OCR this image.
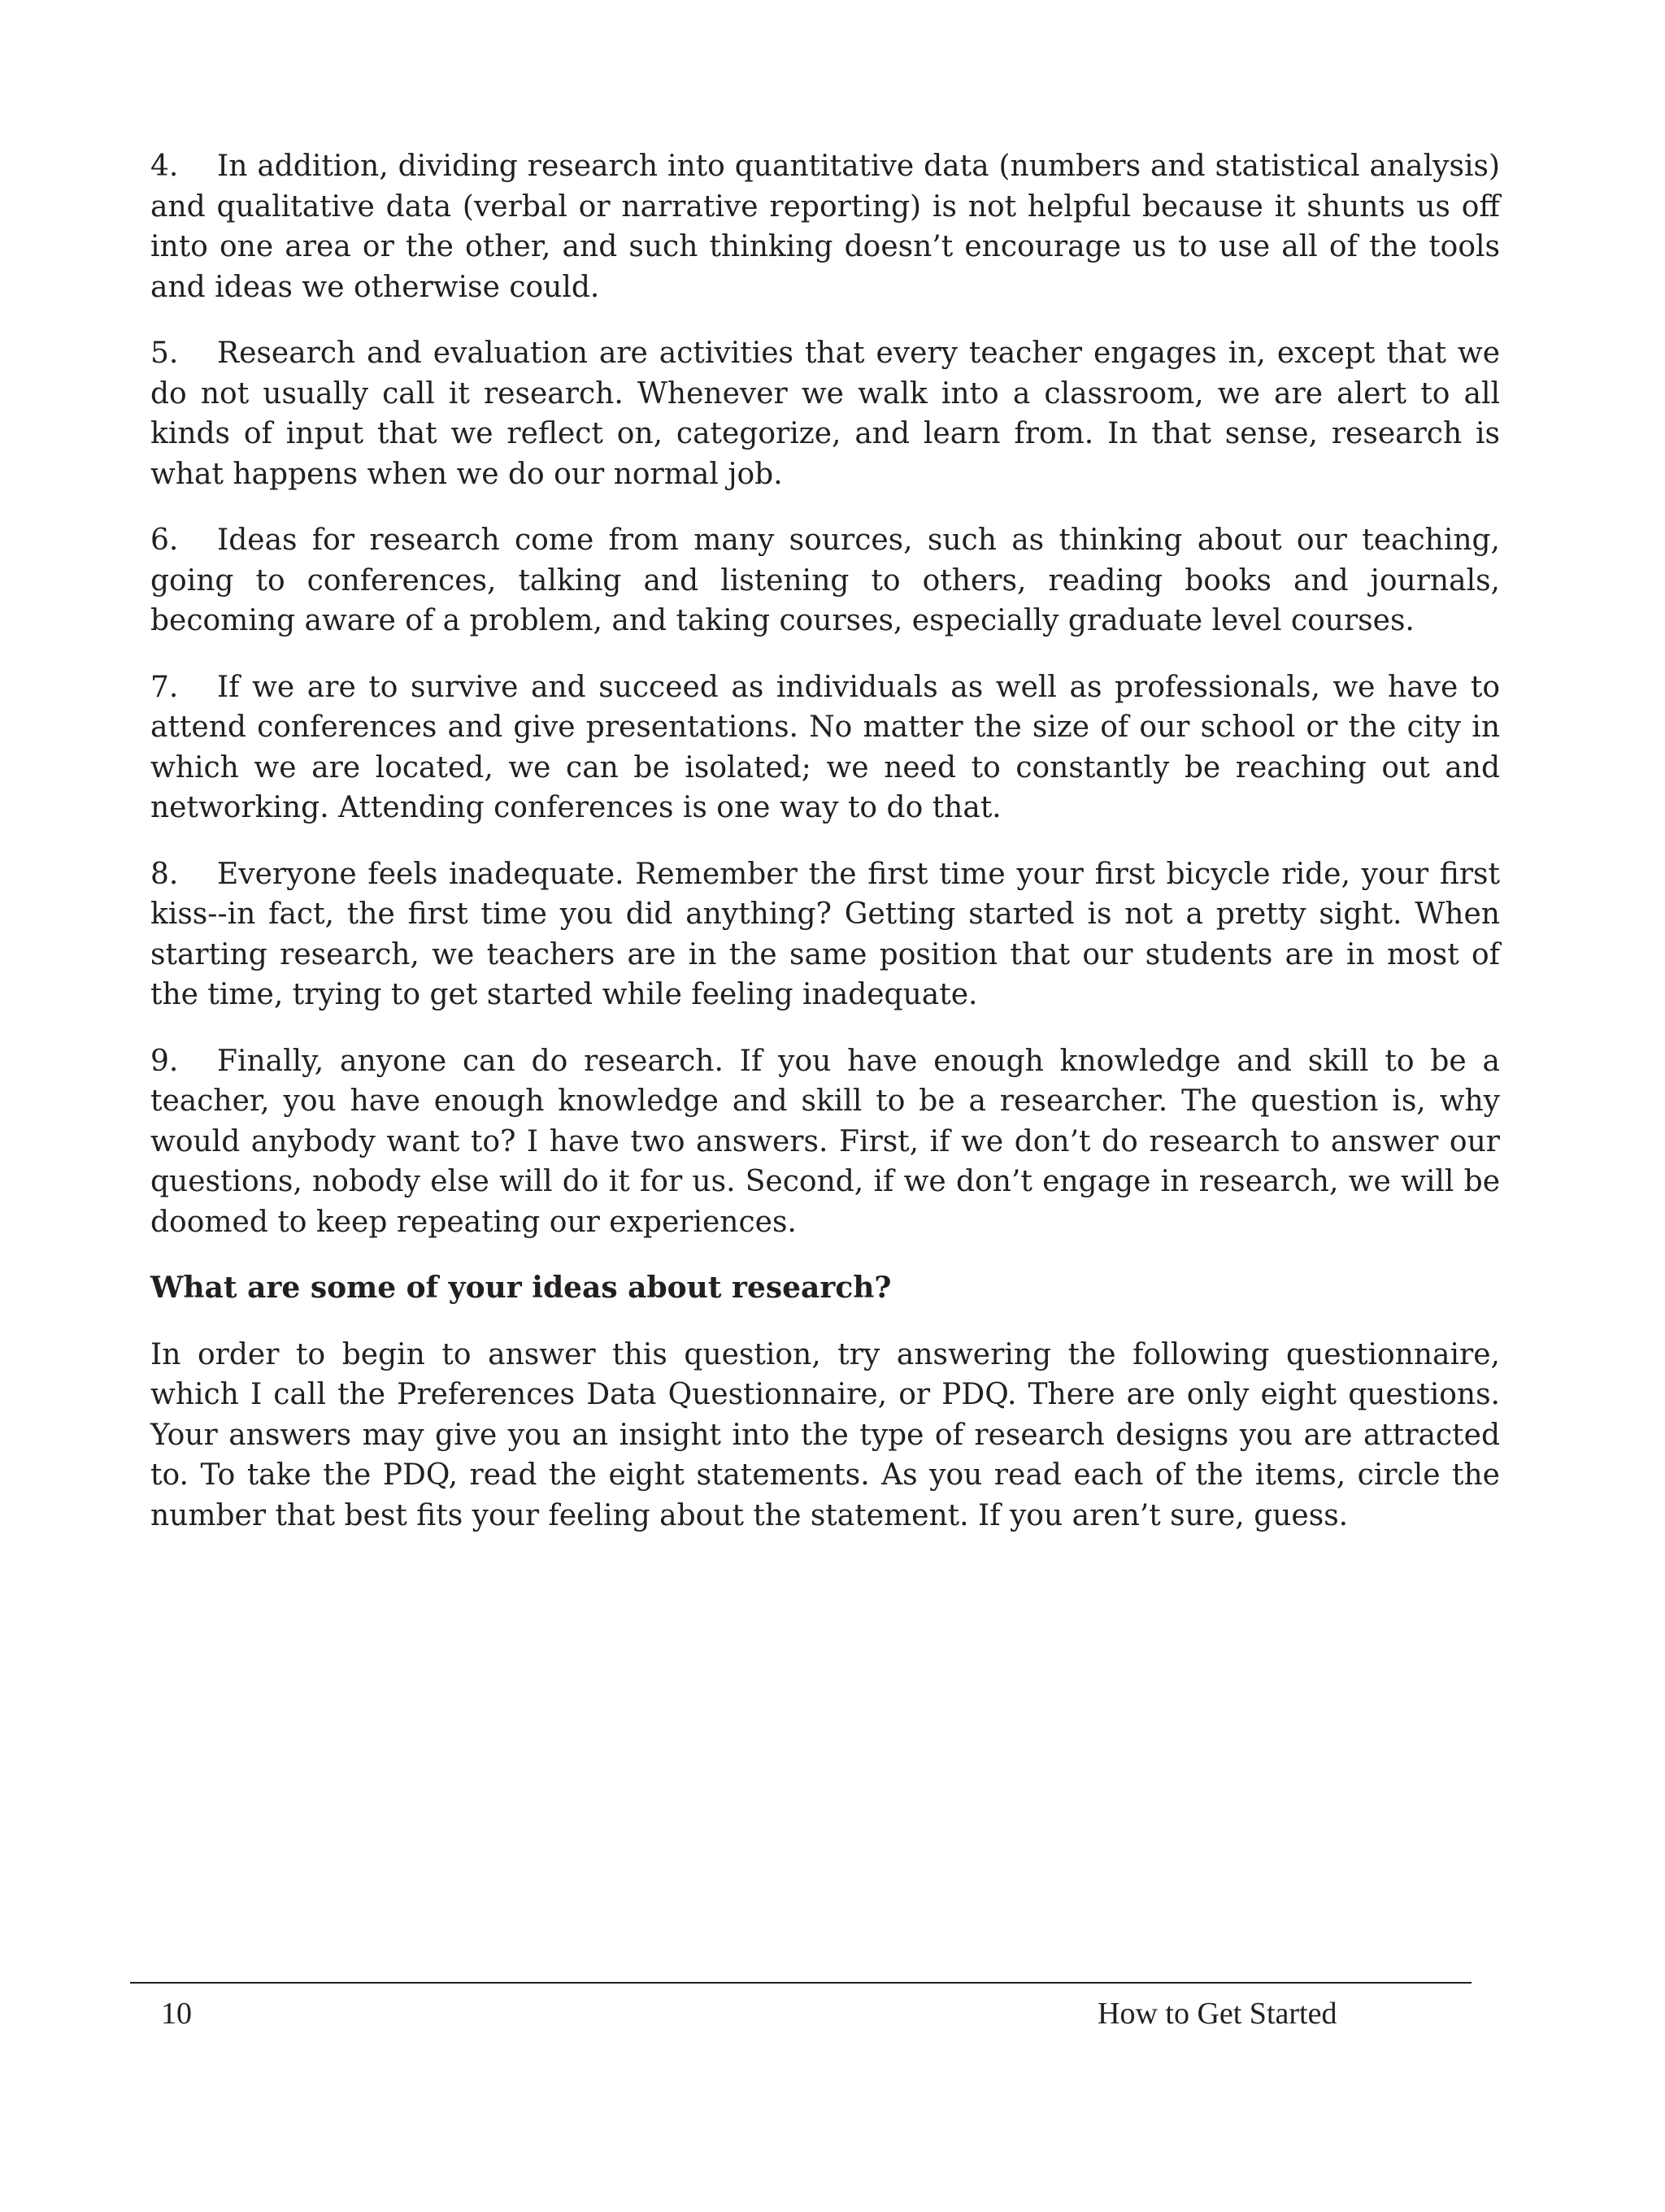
4. In addition, dividing research into quantitative data (numbers and statistical analysis) and qualitative data (verbal or narrative reporting) is not helpful because it shunts us off into one area or the other, and such thinking doesn’t encourage us to use all of the tools and ideas we otherwise could.

5. Research and evaluation are activities that every teacher engages in, except that we do not usually call it research. Whenever we walk into a classroom, we are alert to all kinds of input that we reflect on, categorize, and learn from. In that sense, research is what happens when we do our normal job.

6. Ideas for research come from many sources, such as thinking about our teaching, going to conferences, talking and listening to others, reading books and journals, becoming aware of a problem, and taking courses, especially graduate level courses.

7. If we are to survive and succeed as individuals as well as professionals, we have to attend conferences and give presentations. No matter the size of our school or the city in which we are located, we can be isolated; we need to constantly be reaching out and networking. Attending conferences is one way to do that.

8. Everyone feels inadequate. Remember the first time your first bicycle ride, your first kiss--in fact, the first time you did anything? Getting started is not a pretty sight. When starting research, we teachers are in the same position that our students are in most of the time, trying to get started while feeling inadequate.

9. Finally, anyone can do research. If you have enough knowledge and skill to be a teacher, you have enough knowledge and skill to be a researcher. The question is, why would anybody want to? I have two answers. First, if we don’t do research to answer our questions, nobody else will do it for us. Second, if we don’t engage in research, we will be doomed to keep repeating our experiences.

What are some of your ideas about research?

In order to begin to answer this question, try answering the following questionnaire, which I call the Preferences Data Questionnaire, or PDQ. There are only eight questions. Your answers may give you an insight into the type of research designs you are attracted to. To take the PDQ, read the eight statements. As you read each of the items, circle the number that best fits your feeling about the statement. If you aren’t sure, guess.

10	How to Get Started
